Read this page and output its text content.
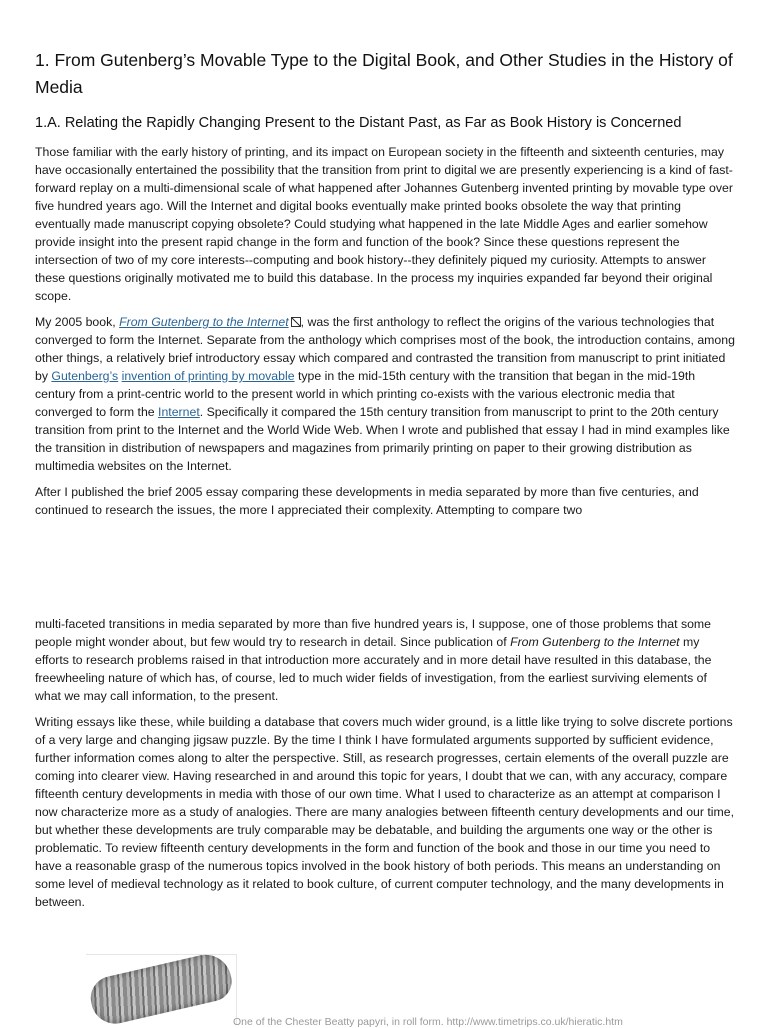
1. From Gutenberg’s Movable Type to the Digital Book, and Other Studies in the History of Media
1.A. Relating the Rapidly Changing Present to the Distant Past, as Far as Book History is Concerned

Those familiar with the early history of printing, and its impact on European society in the fifteenth and sixteenth centuries, may have occasionally entertained the possibility that the transition from print to digital we are presently experiencing is a kind of fast-forward replay on a multi-dimensional scale of what happened after Johannes Gutenberg invented printing by movable type over five hundred years ago. Will the Internet and digital books eventually make printed books obsolete the way that printing eventually made manuscript copying obsolete? Could studying what happened in the late Middle Ages and earlier somehow provide insight into the present rapid change in the form and function of the book? Since these questions represent the intersection of two of my core interests--computing and book history--they definitely piqued my curiosity. Attempts to answer these questions originally motivated me to build this database. In the process my inquiries expanded far beyond their original scope.

My 2005 book, From Gutenberg to the Internet , was the first anthology to reflect the origins of the various technologies that converged to form the Internet. Separate from the anthology which comprises most of the book, the introduction contains, among other things, a relatively brief introductory essay which compared and contrasted the transition from manuscript to print initiated by Gutenberg’s invention of printing by movable type in the mid-15th century with the transition that began in the mid-19th century from a print-centric world to the present world in which printing co-exists with the various electronic media that converged to form the Internet. Specifically it compared the 15th century transition from manuscript to print to the 20th century transition from print to the Internet and the World Wide Web. When I wrote and published that essay I had in mind examples like the transition in distribution of newspapers and magazines from primarily printing on paper to their growing distribution as multimedia websites on the Internet.

After I published the brief 2005 essay comparing these developments in media separated by more than five centuries, and continued to research the issues, the more I appreciated their complexity. Attempting to compare two

multi-faceted transitions in media separated by more than five hundred years is, I suppose, one of those problems that some people might wonder about, but few would try to research in detail. Since publication of From Gutenberg to the Internet my efforts to research problems raised in that introduction more accurately and in more detail have resulted in this database, the freewheeling nature of which has, of course, led to much wider fields of investigation, from the earliest surviving elements of what we may call information, to the present.

Writing essays like these, while building a database that covers much wider ground, is a little like trying to solve discrete portions of a very large and changing jigsaw puzzle. By the time I think I have formulated arguments supported by sufficient evidence, further information comes along to alter the perspective. Still, as research progresses, certain elements of the overall puzzle are coming into clearer view. Having researched in and around this topic for years, I doubt that we can, with any accuracy, compare fifteenth century developments in media with those of our own time. What I used to characterize as an attempt at comparison I now characterize more as a study of analogies. There are many analogies between fifteenth century developments and our time, but whether these developments are truly comparable may be debatable, and building the arguments one way or the other is problematic. To review fifteenth century developments in the form and function of the book and those in our time you need to have a reasonable grasp of the numerous topics involved in the book history of both periods. This means an understanding on some level of medieval technology as it related to book culture, of current computer technology, and the many developments in between.

One of the Chester Beatty papyri, in roll form. http://www.timetrips.co.uk/hieratic.htm
